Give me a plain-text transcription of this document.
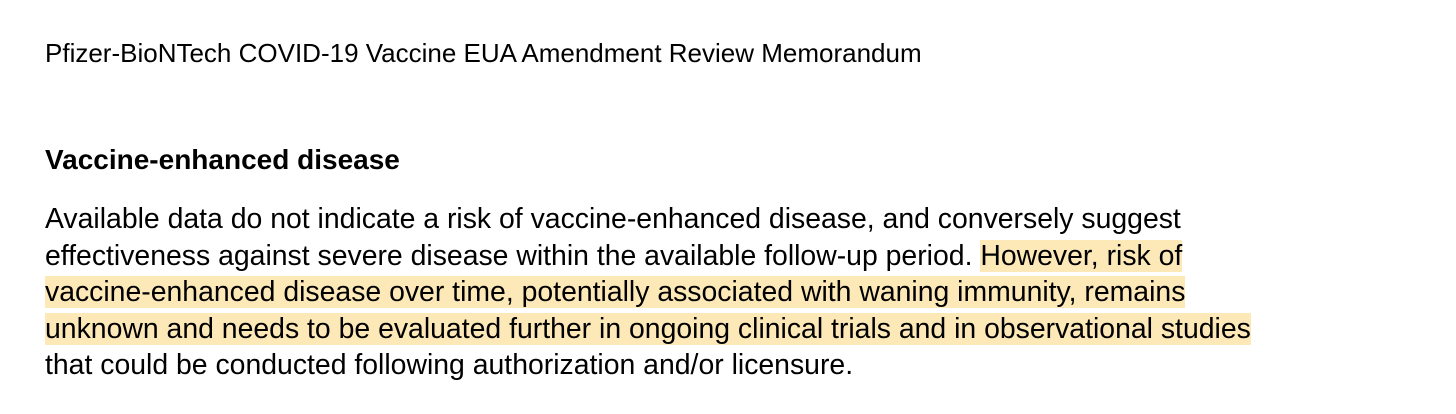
Pfizer-BioNTech COVID-19 Vaccine EUA Amendment Review Memorandum
Vaccine-enhanced disease
Available data do not indicate a risk of vaccine-enhanced disease, and conversely suggest
effectiveness against severe disease within the available follow-up period. However, risk of
vaccine-enhanced disease over time, potentially associated with waning immunity, remains
unknown and needs to be evaluated further in ongoing clinical trials and in observational studies
that could be conducted following authorization and/or licensure.
